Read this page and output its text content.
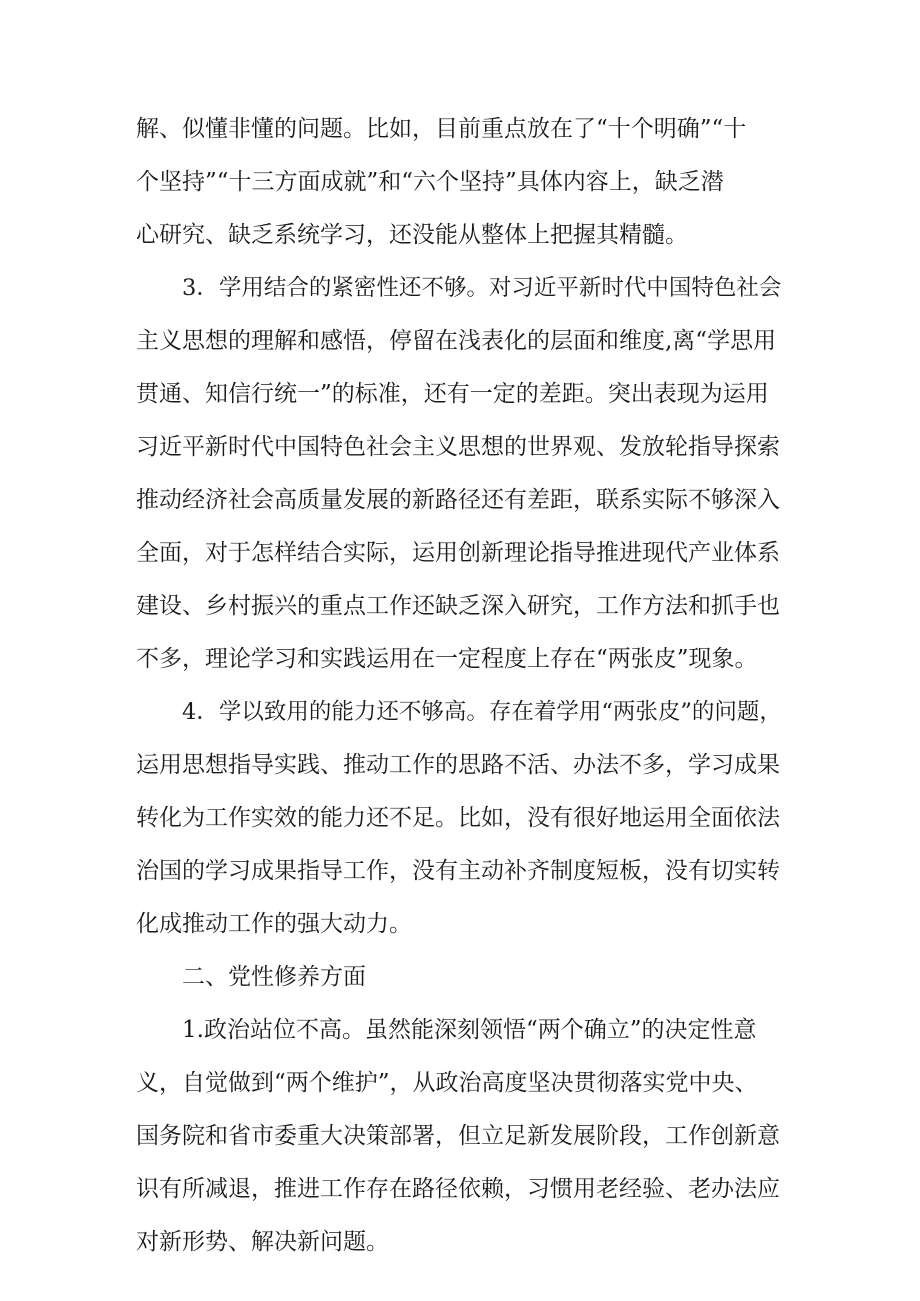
解、似懂非懂的问题。比如，目前重点放在了“十个明确”“十

个坚持”“十三方面成就”和“六个坚持”具体内容上，缺乏潜

心研究、缺乏系统学习，还没能从整体上把握其精髓。

3．学用结合的紧密性还不够。对习近平新时代中国特色社会

主义思想的理解和感悟，停留在浅表化的层面和维度,离“学思用

贯通、知信行统一”的标准，还有一定的差距。突出表现为运用

习近平新时代中国特色社会主义思想的世界观、发放轮指导探索

推动经济社会高质量发展的新路径还有差距，联系实际不够深入

全面，对于怎样结合实际，运用创新理论指导推进现代产业体系

建设、乡村振兴的重点工作还缺乏深入研究，工作方法和抓手也

不多，理论学习和实践运用在一定程度上存在“两张皮”现象。

4．学以致用的能力还不够高。存在着学用“两张皮”的问题，

运用思想指导实践、推动工作的思路不活、办法不多，学习成果

转化为工作实效的能力还不足。比如，没有很好地运用全面依法

治国的学习成果指导工作，没有主动补齐制度短板，没有切实转

化成推动工作的强大动力。

二、党性修养方面

1.政治站位不高。虽然能深刻领悟“两个确立”的决定性意

义，自觉做到“两个维护”，从政治高度坚决贯彻落实党中央、

国务院和省市委重大决策部署，但立足新发展阶段，工作创新意

识有所减退，推进工作存在路径依赖，习惯用老经验、老办法应

对新形势、解决新问题。
